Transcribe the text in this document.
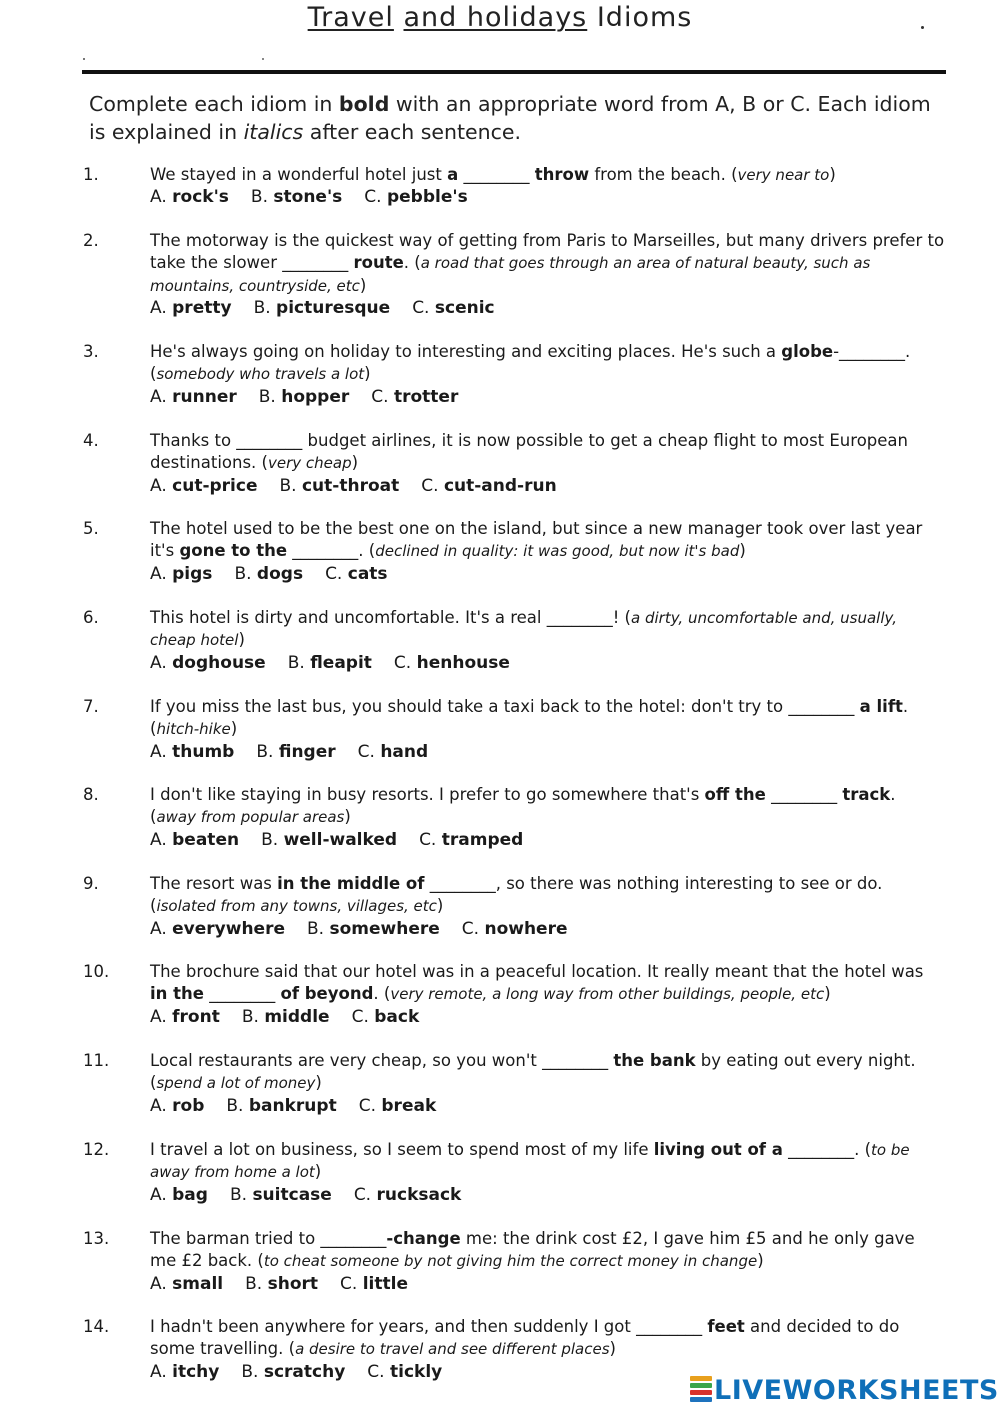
Travel and holidays Idioms
Complete each idiom in bold with an appropriate word from A, B or C. Each idiom is explained in italics after each sentence.
1.	We stayed in a wonderful hotel just a ________ throw from the beach. (very near to)
A. rock's B. stone's C. pebble's
2.	The motorway is the quickest way of getting from Paris to Marseilles, but many drivers prefer to take the slower ________ route. (a road that goes through an area of natural beauty, such as mountains, countryside, etc)
A. pretty B. picturesque C. scenic
3.	He's always going on holiday to interesting and exciting places. He's such a globe-________. (somebody who travels a lot)
A. runner B. hopper C. trotter
4.	Thanks to ________ budget airlines, it is now possible to get a cheap flight to most European destinations. (very cheap)
A. cut-price B. cut-throat C. cut-and-run
5.	The hotel used to be the best one on the island, but since a new manager took over last year it's gone to the ________. (declined in quality: it was good, but now it's bad)
A. pigs B. dogs C. cats
6.	This hotel is dirty and uncomfortable. It's a real ________! (a dirty, uncomfortable and, usually, cheap hotel)
A. doghouse B. fleapit C. henhouse
7.	If you miss the last bus, you should take a taxi back to the hotel: don't try to ________ a lift. (hitch-hike)
A. thumb B. finger C. hand
8.	I don't like staying in busy resorts. I prefer to go somewhere that's off the ________ track. (away from popular areas)
A. beaten B. well-walked C. tramped
9.	The resort was in the middle of ________, so there was nothing interesting to see or do. (isolated from any towns, villages, etc)
A. everywhere B. somewhere C. nowhere
10. The brochure said that our hotel was in a peaceful location. It really meant that the hotel was in the ________ of beyond. (very remote, a long way from other buildings, people, etc)
A. front B. middle C. back
11. Local restaurants are very cheap, so you won't ________ the bank by eating out every night. (spend a lot of money)
A. rob B. bankrupt C. break
12. I travel a lot on business, so I seem to spend most of my life living out of a ________. (to be away from home a lot)
A. bag B. suitcase C. rucksack
13. The barman tried to ________-change me: the drink cost £2, I gave him £5 and he only gave me £2 back. (to cheat someone by not giving him the correct money in change)
A. small B. short C. little
14. I hadn't been anywhere for years, and then suddenly I got ________ feet and decided to do some travelling. (a desire to travel and see different places)
A. itchy B. scratchy C. tickly
LIVEWORKSHEETS
